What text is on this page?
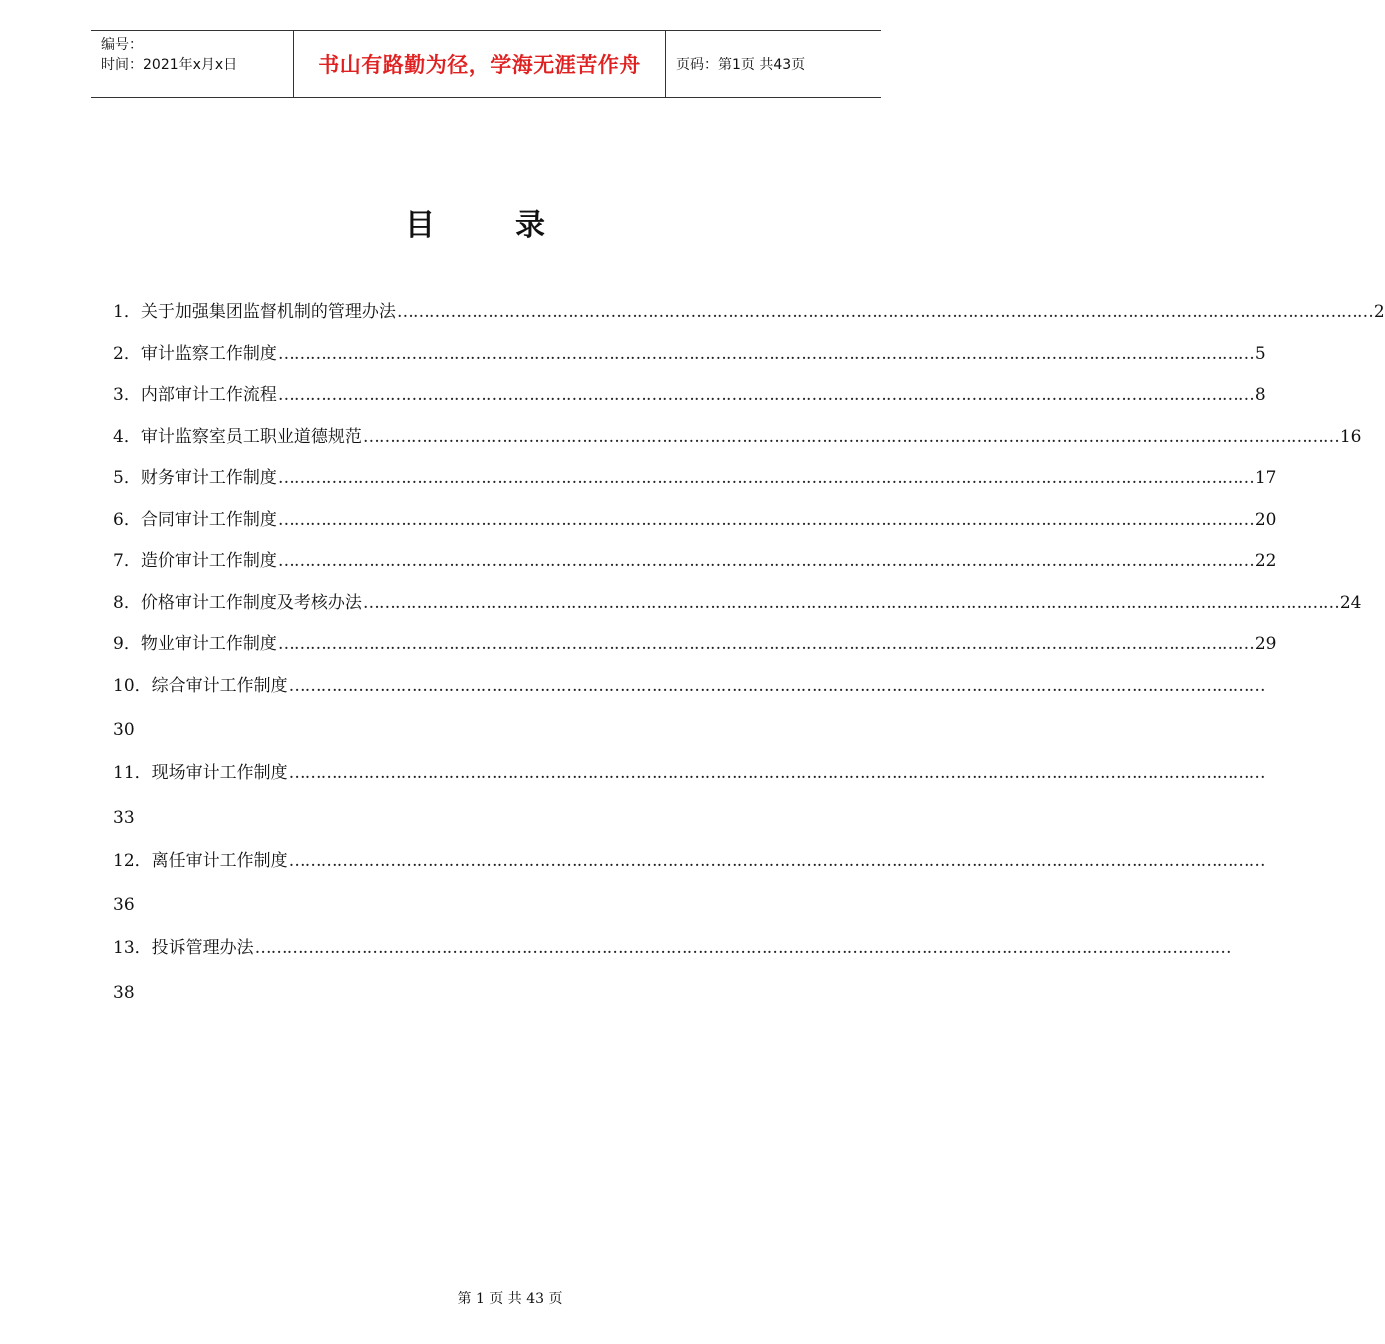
编号：
时间：2021年x月x日	书山有路勤为径，学海无涯苦作舟	页码：第1页 共43页
目录
1．关于加强集团监督机制的管理办法 ………………………………………………………………………………………………………………………………………………………………… 2
2．审计监察工作制度 ………………………………………………………………………………………………………………………………………………………………… 5
3．内部审计工作流程 ………………………………………………………………………………………………………………………………………………………………… 8
4．审计监察室员工职业道德规范 ………………………………………………………………………………………………………………………………………………………………… 16
5．财务审计工作制度 ………………………………………………………………………………………………………………………………………………………………… 17
6．合同审计工作制度 ………………………………………………………………………………………………………………………………………………………………… 20
7．造价审计工作制度 ………………………………………………………………………………………………………………………………………………………………… 22
8．价格审计工作制度及考核办法 ………………………………………………………………………………………………………………………………………………………………… 24
9．物业审计工作制度 ………………………………………………………………………………………………………………………………………………………………… 29
10．综合审计工作制度 …………………………………………………………………………………………………………………………………………………………………
30
11．现场审计工作制度 …………………………………………………………………………………………………………………………………………………………………
33
12．离任审计工作制度 …………………………………………………………………………………………………………………………………………………………………
36
13．投诉管理办法 …………………………………………………………………………………………………………………………………………………………………
38
第 1 页 共 43 页
